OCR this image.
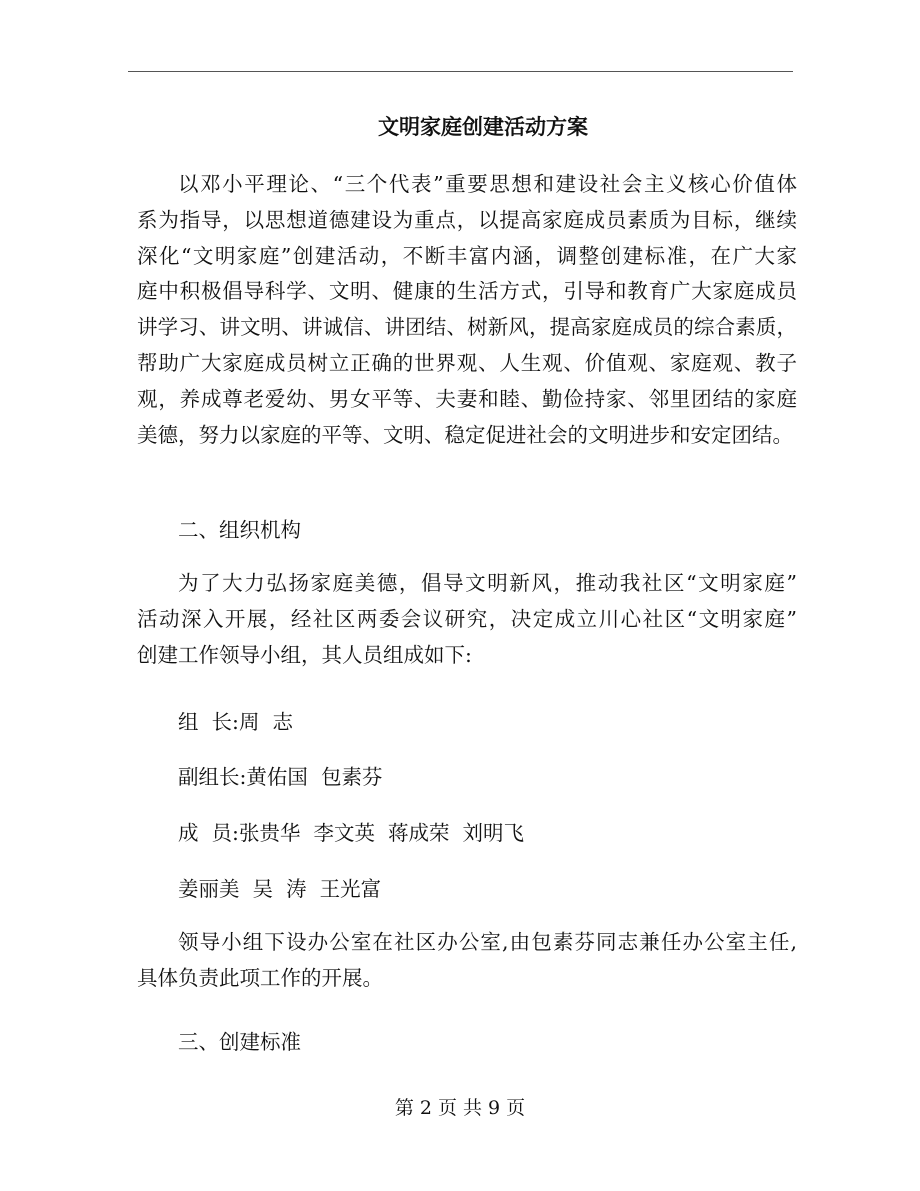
文明家庭创建活动方案
以邓小平理论、“三个代表”重要思想和建设社会主义核心价值体
系为指导，以思想道德建设为重点，以提高家庭成员素质为目标，继续
深化“文明家庭”创建活动，不断丰富内涵，调整创建标准，在广大家
庭中积极倡导科学、文明、健康的生活方式，引导和教育广大家庭成员
讲学习、讲文明、讲诚信、讲团结、树新风，提高家庭成员的综合素质，
帮助广大家庭成员树立正确的世界观、人生观、价值观、家庭观、教子
观，养成尊老爱幼、男女平等、夫妻和睦、勤俭持家、邻里团结的家庭
美德，努力以家庭的平等、文明、稳定促进社会的文明进步和安定团结。
二、组织机构
为了大力弘扬家庭美德，倡导文明新风，推动我社区“文明家庭”
活动深入开展，经社区两委会议研究，决定成立川心社区“文明家庭”
创建工作领导小组，其人员组成如下:
组  长:周  志
副组长:黄佑国  包素芬
成  员:张贵华  李文英  蒋成荣  刘明飞
姜丽美  吴  涛  王光富
领导小组下设办公室在社区办公室,由包素芬同志兼任办公室主任,
具体负责此项工作的开展。
三、创建标准
第 2 页 共 9 页
